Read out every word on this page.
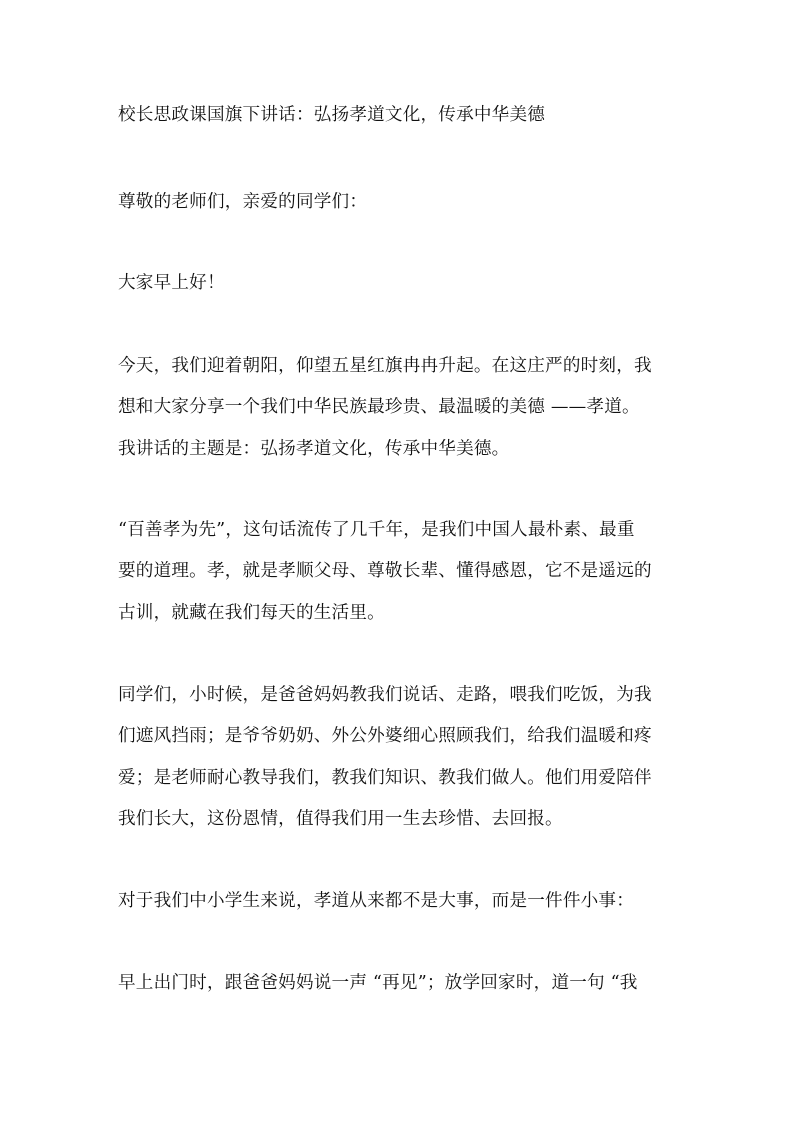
校长思政课国旗下讲话：弘扬孝道文化，传承中华美德
尊敬的老师们，亲爱的同学们：
大家早上好！
今天，我们迎着朝阳，仰望五星红旗冉冉升起。在这庄严的时刻，我
想和大家分享一个我们中华民族最珍贵、最温暖的美德 ——孝道。
我讲话的主题是：弘扬孝道文化，传承中华美德。
“百善孝为先”，这句话流传了几千年，是我们中国人最朴素、最重
要的道理。孝，就是孝顺父母、尊敬长辈、懂得感恩，它不是遥远的
古训，就藏在我们每天的生活里。
同学们，小时候，是爸爸妈妈教我们说话、走路，喂我们吃饭，为我
们遮风挡雨；是爷爷奶奶、外公外婆细心照顾我们，给我们温暖和疼
爱；是老师耐心教导我们，教我们知识、教我们做人。他们用爱陪伴
我们长大，这份恩情，值得我们用一生去珍惜、去回报。
对于我们中小学生来说，孝道从来都不是大事，而是一件件小事：
早上出门时，跟爸爸妈妈说一声 “再见”；放学回家时，道一句 “我
